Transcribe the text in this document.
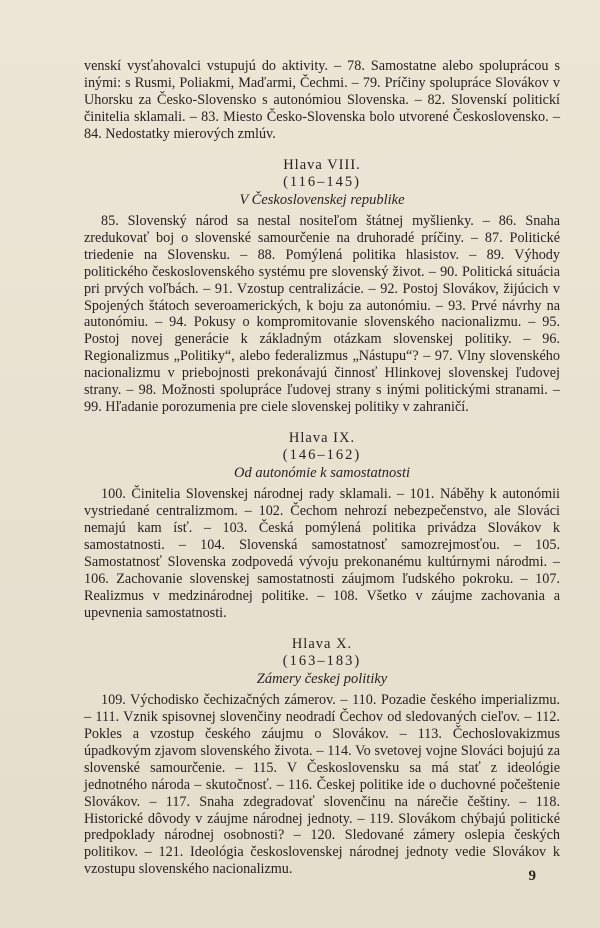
venskí vysťahovalci vstupujú do aktivity. – 78. Samostatne alebo spoluprácou s inými: s Rusmi, Poliakmi, Maďarmi, Čechmi. – 79. Príčiny spolupráce Slovákov v Uhorsku za Česko-Slovensko s autonómiou Slovenska. – 82. Slovenskí politickí činitelia sklamali. – 83. Miesto Česko-Slovenska bolo utvorené Československo. – 84. Nedostatky mierových zmlúv.

Hlava VIII.
(116–145)
V Československej republike

85. Slovenský národ sa nestal nositeľom štátnej myšlienky. – 86. Snaha zredukovať boj o slovenské samourčenie na druhoradé príčiny. – 87. Politické triedenie na Slovensku. – 88. Pomýlená politika hlasistov. – 89. Výhody politického československého systému pre slovenský život. – 90. Politická situácia pri prvých voľbách. – 91. Vzostup centralizácie. – 92. Postoj Slovákov, žijúcich v Spojených štátoch severoamerických, k boju za autonómiu. – 93. Prvé návrhy na autonómiu. – 94. Pokusy o kompromitovanie slovenského nacionalizmu. – 95. Postoj novej generácie k základným otázkam slovenskej politiky. – 96. Regionalizmus „Politiky“, alebo federalizmus „Nástupu“? – 97. Vlny slovenského nacionalizmu v priebojnosti prekonávajú činnosť Hlinkovej slovenskej ľudovej strany. – 98. Možnosti spolupráce ľudovej strany s inými politickými stranami. – 99. Hľadanie porozumenia pre ciele slovenskej politiky v zahraničí.

Hlava IX.
(146–162)
Od autonómie k samostatnosti

100. Činitelia Slovenskej národnej rady sklamali. – 101. Náběhy k autonómii vystriedané centralizmom. – 102. Čechom nehrozí nebezpečenstvo, ale Slováci nemajú kam ísť. – 103. Česká pomýlená politika privádza Slovákov k samostatnosti. – 104. Slovenská samostatnosť samozrejmosťou. – 105. Samostatnosť Slovenska zodpovedá vývoju prekonanému kultúrnymi národmi. – 106. Zachovanie slovenskej samostatnosti záujmom ľudského pokroku. – 107. Realizmus v medzinárodnej politike. – 108. Všetko v záujme zachovania a upevnenia samostatnosti.

Hlava X.
(163–183)
Zámery českej politiky

109. Východisko čechizačných zámerov. – 110. Pozadie českého imperializmu. – 111. Vznik spisovnej slovenčiny neodradí Čechov od sledovaných cieľov. – 112. Pokles a vzostup českého záujmu o Slovákov. – 113. Čechoslovakizmus úpadkovým zjavom slovenského života. – 114. Vo svetovej vojne Slováci bojujú za slovenské samourčenie. – 115. V Československu sa má stať z ideológie jednotného národa – skutočnosť. – 116. Českej politike ide o duchovné počeštenie Slovákov. – 117. Snaha zdegradovať slovenčinu na nárečie češtiny. – 118. Historické dôvody v záujme národnej jednoty. – 119. Slovákom chýbajú politické predpoklady národnej osobnosti? – 120. Sledované zámery oslepia českých politikov. – 121. Ideológia československej národnej jednoty vedie Slovákov k vzostupu slovenského nacionalizmu.	9
